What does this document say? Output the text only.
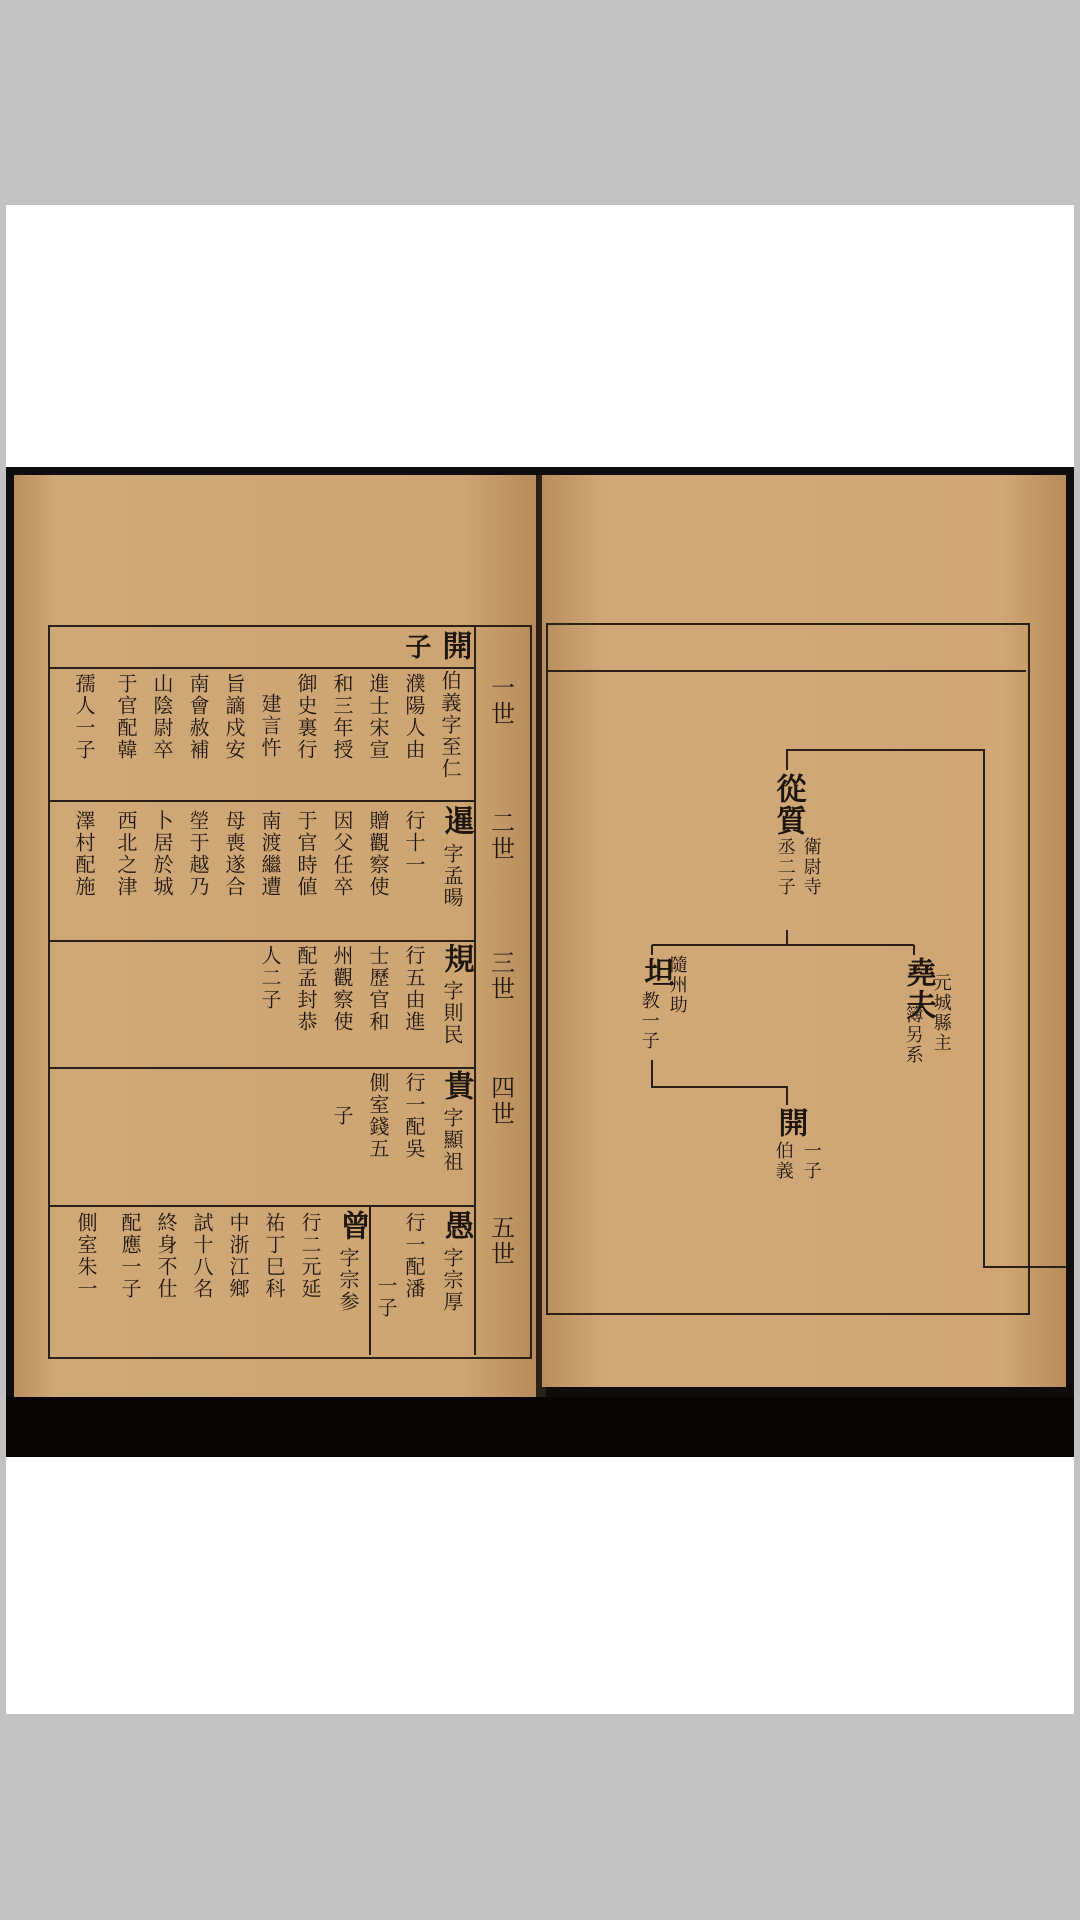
一世
二世
三世
四世
五世
開
子
伯義字至仁
濮陽人由
進士宋宣
和三年授
御史裏行
建言忤
旨謫戍安
南會赦補
山陰尉卒
于官配韓
孺人一子
暹
字孟暘
行十一
贈觀察使
因父任卒
于官時値
南渡繼遭
母喪遂合
塋于越乃
卜居於城
西北之津
澤村配施
規
字則民
行五由進
士歷官和
州觀察使
配孟封恭
人二子
貴
字顯祖
行一配吳
側室錢五
子
愚
字宗厚
行一配潘
一子
曾
字宗参
行二元延
祐丁巳科
中浙江鄉
試十八名
終身不仕
配應一子
側室朱一
從質
衛尉寺
丞二子
坦
隨州助
教一子	堯夫
元城縣主
簿另系
開
一子
伯義
